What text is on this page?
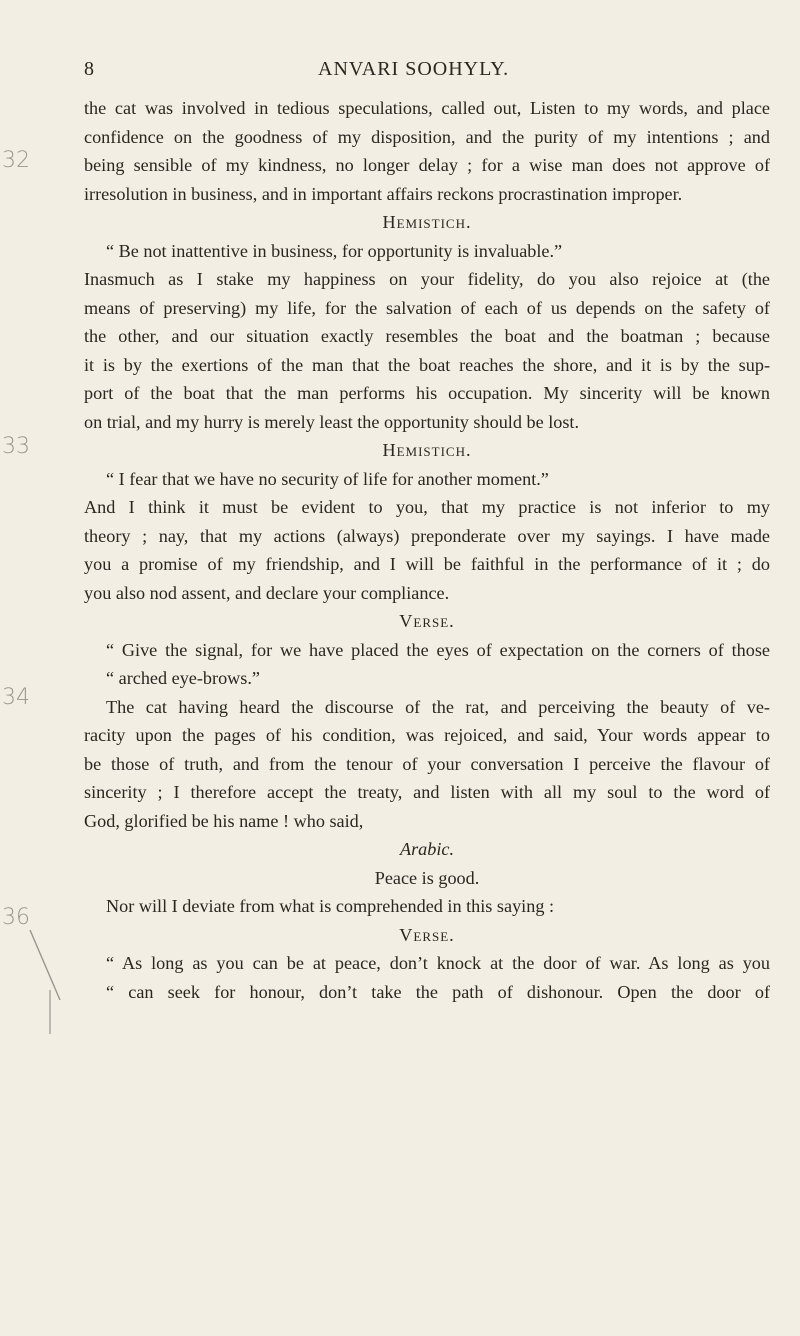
8	ANVARI SOOHYLY.
32
33
34
36
the cat was involved in tedious speculations, called out, Listen to my words, and place
confidence on the goodness of my disposition, and the purity of my intentions ; and
being sensible of my kindness, no longer delay ; for a wise man does not approve of
irresolution in business, and in important affairs reckons procrastination improper.
Hemistich.
“ Be not inattentive in business, for opportunity is invaluable.”
Inasmuch as I stake my happiness on your fidelity, do you also rejoice at (the
means of preserving) my life, for the salvation of each of us depends on the safety of
the other, and our situation exactly resembles the boat and the boatman ; because
it is by the exertions of the man that the boat reaches the shore, and it is by the sup-
port of the boat that the man performs his occupation. My sincerity will be known
on trial, and my hurry is merely least the opportunity should be lost.
Hemistich.
“ I fear that we have no security of life for another moment.”
And I think it must be evident to you, that my practice is not inferior to my
theory ; nay, that my actions (always) preponderate over my sayings. I have made
you a promise of my friendship, and I will be faithful in the performance of it ; do
you also nod assent, and declare your compliance.
Verse.
“ Give the signal, for we have placed the eyes of expectation on the corners of those
“ arched eye-brows.”
The cat having heard the discourse of the rat, and perceiving the beauty of ve-
racity upon the pages of his condition, was rejoiced, and said, Your words appear to
be those of truth, and from the tenour of your conversation I perceive the flavour of
sincerity ; I therefore accept the treaty, and listen with all my soul to the word of
God, glorified be his name ! who said,
Arabic.
Peace is good.
Nor will I deviate from what is comprehended in this saying :
Verse.
“ As long as you can be at peace, don’t knock at the door of war. As long as you
“ can seek for honour, don’t take the path of dishonour. Open the door of
